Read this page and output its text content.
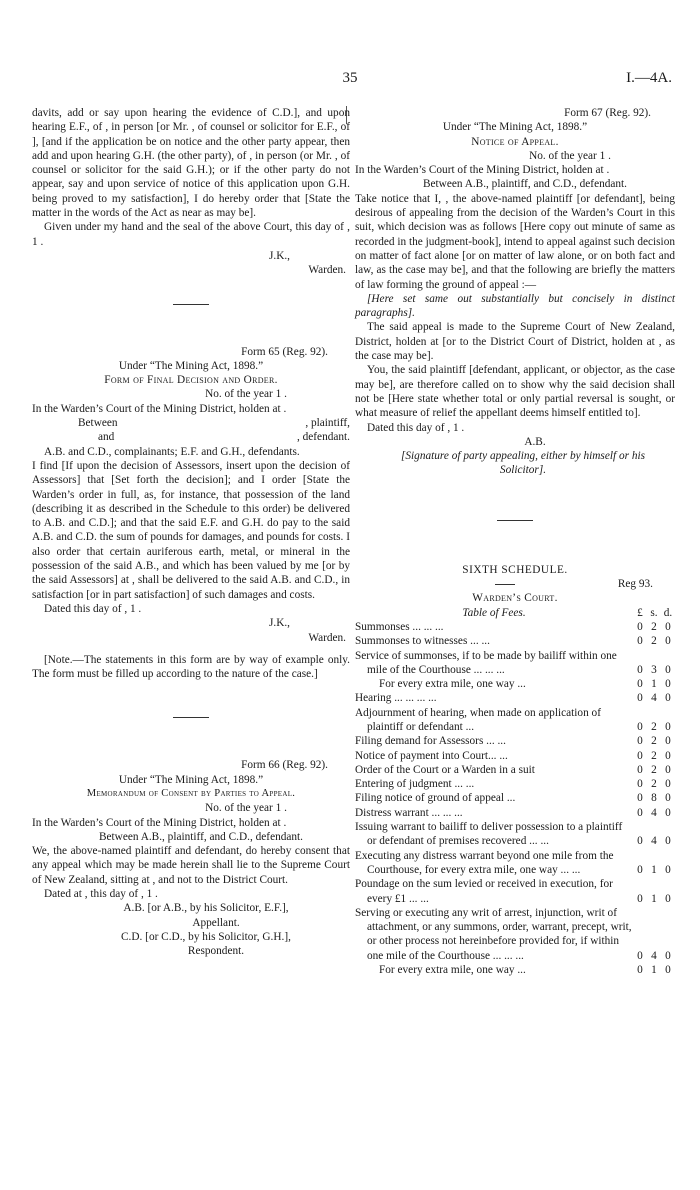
35	I.—4A.

davits, add or say upon hearing the evidence of C.D.], and upon hearing E.F., of , in person [or Mr. , of counsel or solicitor for E.F., of ], [and if the application be on notice and the other party appear, then add and upon hearing G.H. (the other party), of , in person (or Mr. , of counsel or solicitor for the said G.H.); or if the other party do not appear, say and upon service of notice of this application upon G.H. being proved to my satisfaction], I do hereby order that [State the matter in the words of the Act as near as may be].

Given under my hand and the seal of the above Court, this day of , 1 .

J.K.,

Warden.

Form 65 (Reg. 92).

Under “The Mining Act, 1898.”

Form of Final Decision and Order.

No. of the year 1 .

In the Warden’s Court of the Mining District, holden at .

Between	, plaintiff,
and	, defendant.

A.B. and C.D., complainants; E.F. and G.H., defendants.

I find [If upon the decision of Assessors, insert upon the decision of Assessors] that [Set forth the decision]; and I order [State the Warden’s order in full, as, for instance, that possession of the land (describing it as described in the Schedule to this order) be delivered to A.B. and C.D.]; and that the said E.F. and G.H. do pay to the said A.B. and C.D. the sum of pounds for damages, and pounds for costs. I also order that certain auriferous earth, metal, or mineral in the possession of the said A.B., and which has been valued by me [or by the said Assessors] at , shall be delivered to the said A.B. and C.D., in satisfaction [or in part satisfaction] of such damages and costs.

Dated this day of , 1 .

J.K.,

Warden.

[Note.—The statements in this form are by way of example only. The form must be filled up according to the nature of the case.]

Form 66 (Reg. 92).

Under “The Mining Act, 1898.”

Memorandum of Consent by Parties to Appeal.

No. of the year 1 .

In the Warden’s Court of the Mining District, holden at .

Between A.B., plaintiff, and C.D., defendant.

We, the above-named plaintiff and defendant, do hereby consent that any appeal which may be made herein shall lie to the Supreme Court of New Zealand, sitting at , and not to the District Court.

Dated at , this day of , 1 .

A.B. [or A.B., by his Solicitor, E.F.],

Appellant.

C.D. [or C.D., by his Solicitor, G.H.],

Respondent.

Form 67 (Reg. 92).

Under “The Mining Act, 1898.”

Notice of Appeal.

No. of the year 1 .

In the Warden’s Court of the Mining District, holden at .

Between A.B., plaintiff, and C.D., defendant.

Take notice that I, , the above-named plaintiff [or defendant], being desirous of appealing from the decision of the Warden’s Court in this suit, which decision was as follows [Here copy out minute of same as recorded in the judgment-book], intend to appeal against such decision on matter of fact alone [or on matter of law alone, or on both fact and law, as the case may be], and that the following are briefly the matters of law forming the ground of appeal :—

[Here set same out substantially but concisely in distinct paragraphs].

The said appeal is made to the Supreme Court of New Zealand, District, holden at [or to the District Court of District, holden at , as the case may be].

You, the said plaintiff [defendant, applicant, or objector, as the case may be], are therefore called on to show why the said decision shall not be [Here state whether total or only partial reversal is sought, or what measure of relief the appellant deems himself entitled to].

Dated this day of , 1 .

A.B.

[Signature of party appealing, either by himself or his Solicitor].

SIXTH SCHEDULE.

Reg 93.

Warden’s Court.

Table of Fees.	£	s.	d.
Summonses ... ... ...	0	2	0
Summonses to witnesses ... ...	0	2	0
Service of summonses, if to be made by bailiff within one mile of the Courthouse ... ... ...	0	3	0
For every extra mile, one way ...	0	1	0
Hearing ... ... ... ...	0	4	0
Adjournment of hearing, when made on application of plaintiff or defendant ...	0	2	0
Filing demand for Assessors ... ...	0	2	0
Notice of payment into Court... ...	0	2	0
Order of the Court or a Warden in a suit	0	2	0
Entering of judgment ... ...	0	2	0
Filing notice of ground of appeal ...	0	8	0
Distress warrant ... ... ...	0	4	0
Issuing warrant to bailiff to deliver possession to a plaintiff or defendant of premises recovered ... ...	0	4	0
Executing any distress warrant beyond one mile from the Courthouse, for every extra mile, one way ... ...	0	1	0
Poundage on the sum levied or received in execution, for every £1 ... ...	0	1	0
Serving or executing any writ of arrest, injunction, writ of attachment, or any summons, order, warrant, precept, writ, or other process not hereinbefore provided for, if within one mile of the Courthouse ... ... ...	0	4	0
For every extra mile, one way ...	0	1	0
